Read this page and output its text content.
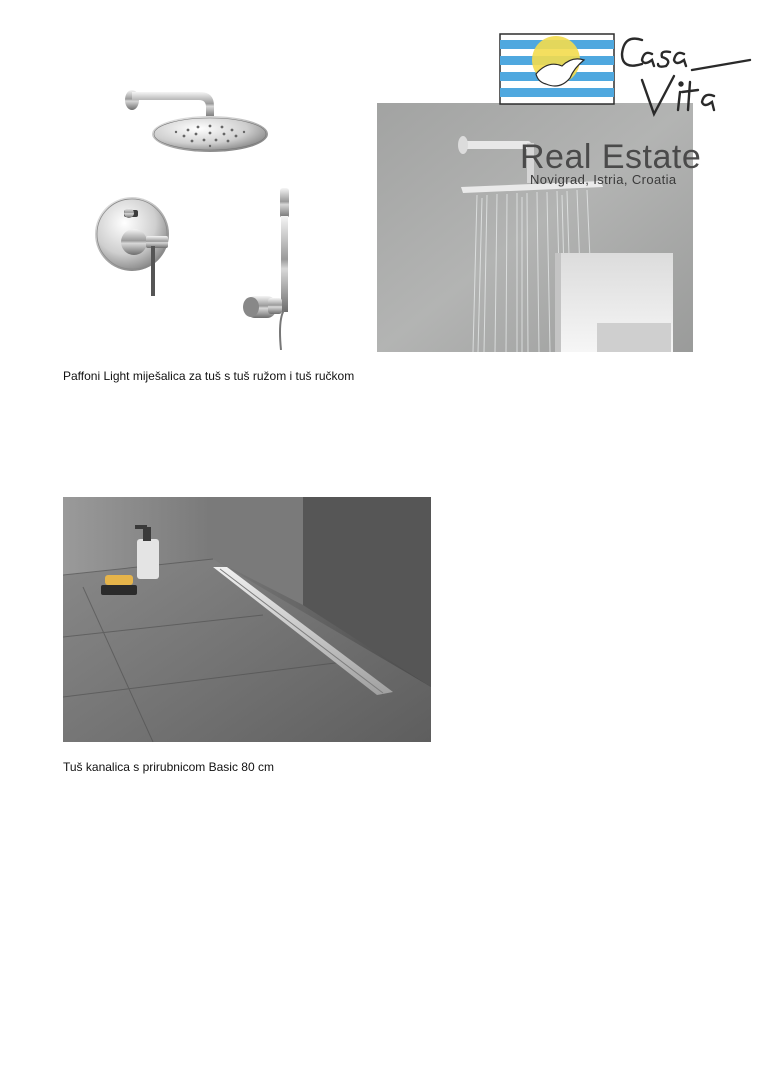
Real Estate
Novigrad, Istria, Croatia
Paffoni Light miješalica za tuš s tuš ružom i tuš ručkom
Tuš kanalica s prirubnicom Basic 80 cm
